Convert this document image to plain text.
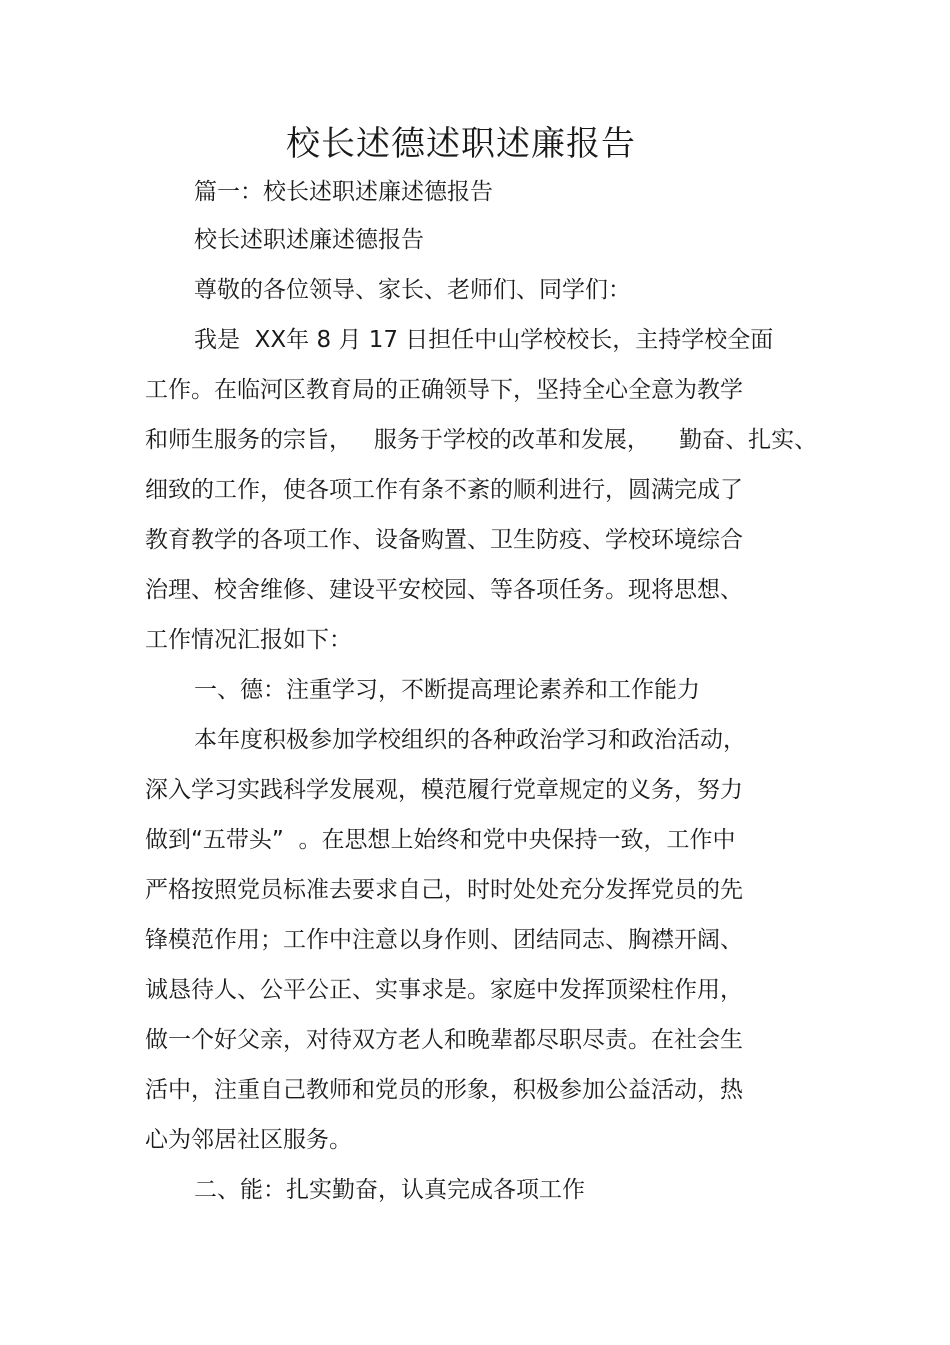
校长述德述职述廉报告
篇一：校长述职述廉述德报告
校长述职述廉述德报告
尊敬的各位领导、家长、老师们、同学们：
我是  XX年 8 月 17 日担任中山学校校长，主持学校全面
工作。在临河区教育局的正确领导下，坚持全心全意为教学
和师生服务的宗旨，   服务于学校的改革和发展，    勤奋、扎实、
细致的工作，使各项工作有条不紊的顺利进行，圆满完成了
教育教学的各项工作、设备购置、卫生防疫、学校环境综合
治理、校舍维修、建设平安校园、等各项任务。现将思想、
工作情况汇报如下：
一、德：注重学习，不断提高理论素养和工作能力
本年度积极参加学校组织的各种政治学习和政治活动，
深入学习实践科学发展观，模范履行党章规定的义务，努力
做到“五带头”  。在思想上始终和党中央保持一致，工作中
严格按照党员标准去要求自己，时时处处充分发挥党员的先
锋模范作用；工作中注意以身作则、团结同志、胸襟开阔、
诚恳待人、公平公正、实事求是。家庭中发挥顶梁柱作用，
做一个好父亲，对待双方老人和晚辈都尽职尽责。在社会生
活中，注重自己教师和党员的形象，积极参加公益活动，热
心为邻居社区服务。
二、能：扎实勤奋，认真完成各项工作
